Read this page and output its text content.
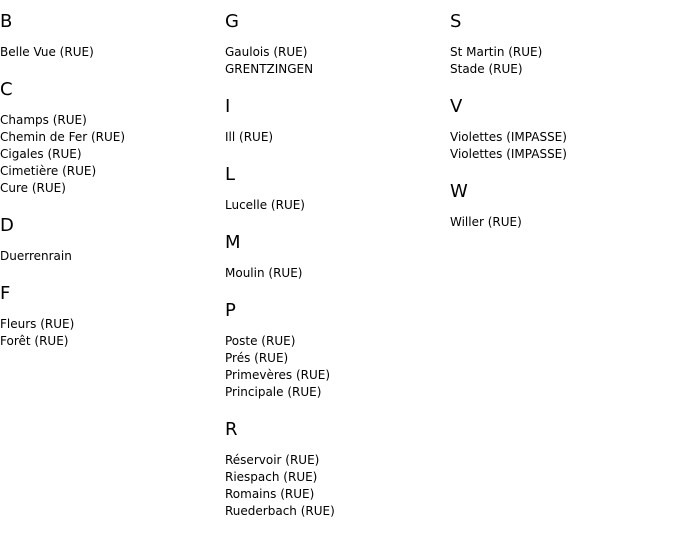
B
Belle Vue (RUE)
C
Champs (RUE)
Chemin de Fer (RUE)
Cigales (RUE)
Cimetière (RUE)
Cure (RUE)
D
Duerrenrain
F
Fleurs (RUE)
Forêt (RUE)
G
Gaulois (RUE)
GRENTZINGEN
I
Ill (RUE)
L
Lucelle (RUE)
M
Moulin (RUE)
P
Poste (RUE)
Prés (RUE)
Primevères (RUE)
Principale (RUE)
R
Réservoir (RUE)
Riespach (RUE)
Romains (RUE)
Ruederbach (RUE)
S
St Martin (RUE)
Stade (RUE)
V
Violettes (IMPASSE)
Violettes (IMPASSE)
W
Willer (RUE)
